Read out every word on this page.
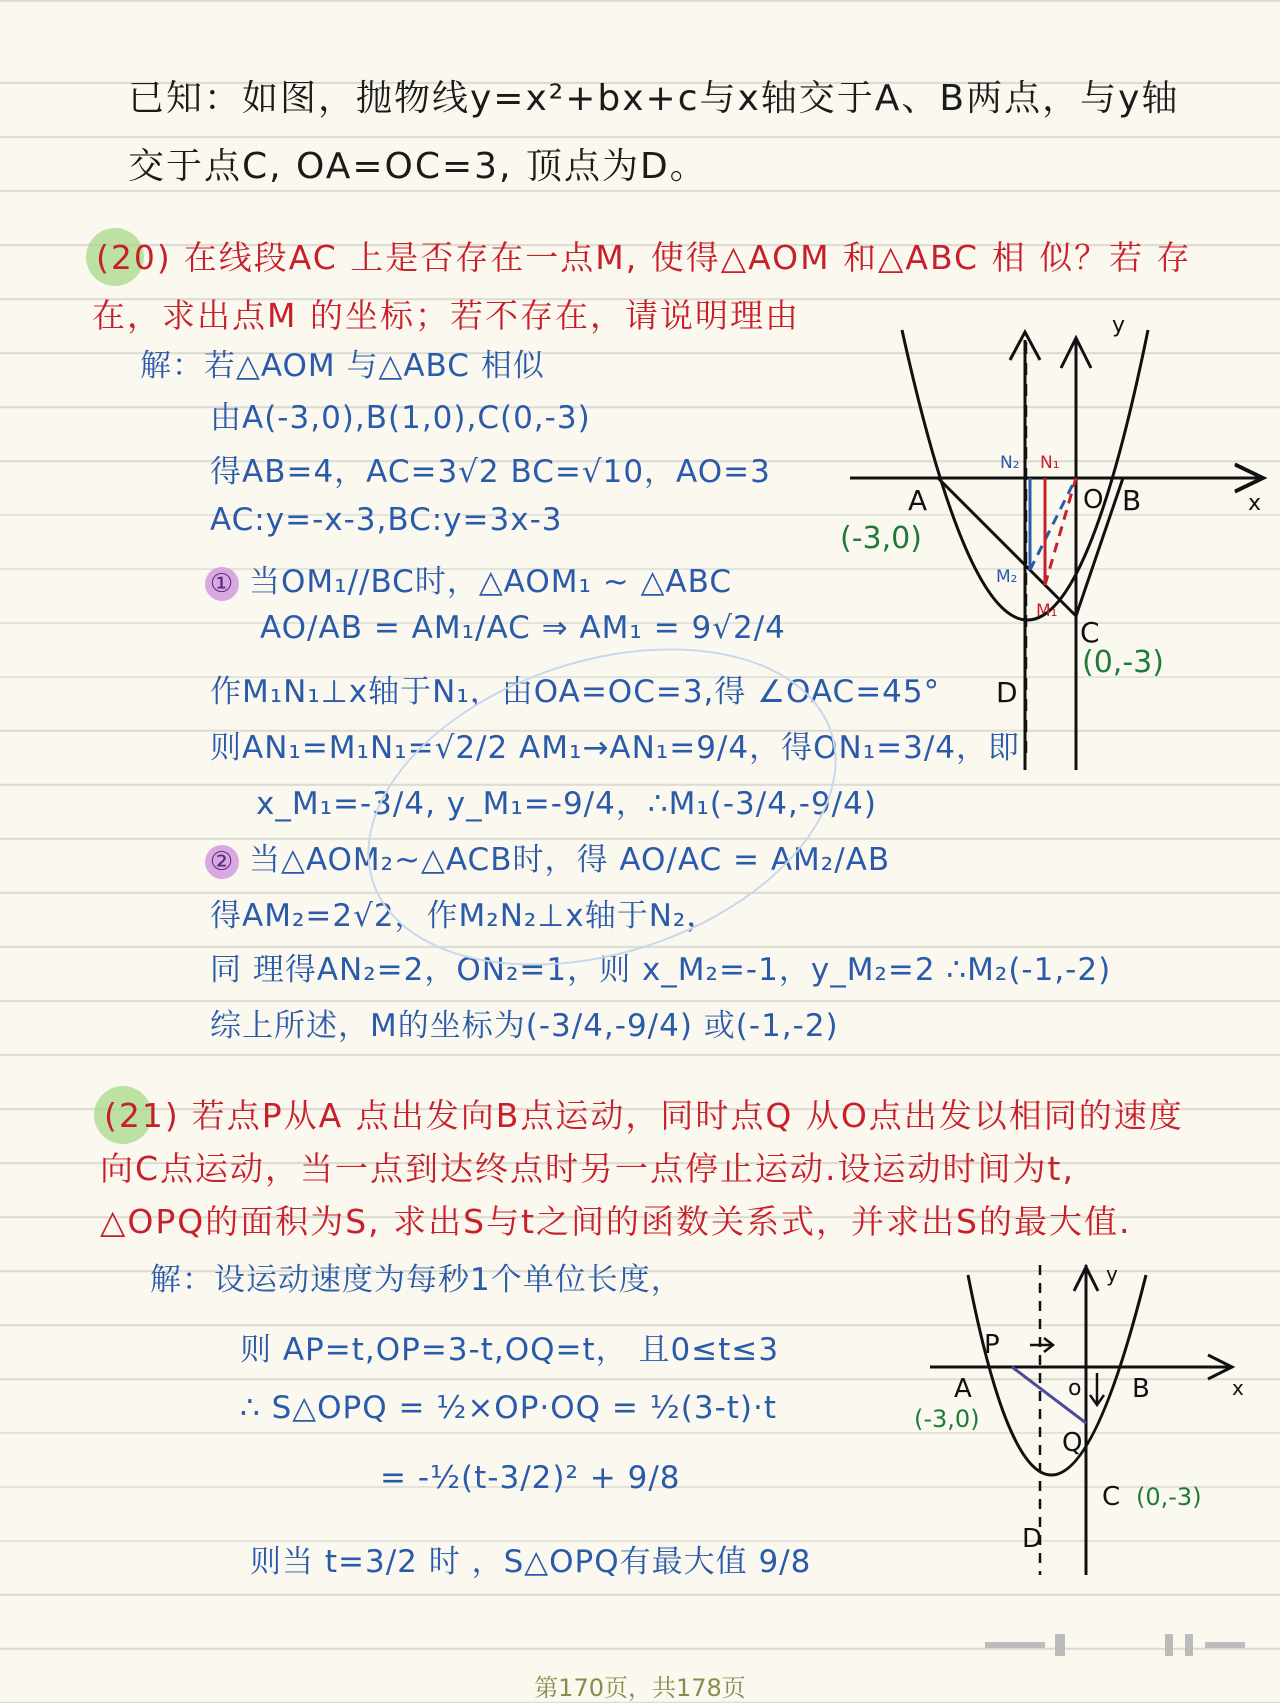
已知：如图，抛物线y=x²+bx+c与x轴交于A、B两点，与y轴
交于点C, OA=OC=3, 顶点为D。
(20) 在线段AC 上是否存在一点M, 使得△AOM 和△ABC 相 似？若 存
在，求出点M 的坐标；若不存在，请说明理由
解：若△AOM 与△ABC 相似
由A(-3,0),B(1,0),C(0,-3)
得AB=4，AC=3√2 BC=√10，AO=3
AC:y=-x-3,BC:y=3x-3
① 当OM₁//BC时，△AOM₁ ~ △ABC
AO/AB = AM₁/AC ⇒ AM₁ = 9√2/4
作M₁N₁⊥x轴于N₁，由OA=OC=3,得 ∠OAC=45°
则AN₁=M₁N₁=√2/2 AM₁→AN₁=9/4，得ON₁=3/4，即
x_M₁=-3/4, y_M₁=-9/4，∴M₁(-3/4,-9/4)
② 当△AOM₂~△ACB时，得 AO/AC = AM₂/AB
得AM₂=2√2，作M₂N₂⊥x轴于N₂，
同 理得AN₂=2，ON₂=1，则 x_M₂=-1，y_M₂=2 ∴M₂(-1,-2)
综上所述，M的坐标为(-3/4,-9/4) 或(-1,-2)
(21) 若点P从A 点出发向B点运动，同时点Q 从O点出发以相同的速度
向C点运动，当一点到达终点时另一点停止运动.设运动时间为t,
△OPQ的面积为S, 求出S与t之间的函数关系式，并求出S的最大值.
解：设运动速度为每秒1个单位长度，
则 AP=t,OP=3-t,OQ=t， 且0≤t≤3
∴ S△OPQ = ½×OP·OQ = ½(3-t)·t
= -½(t-3/2)² + 9/8
则当 t=3/2 时 ，S△OPQ有最大值 9/8
y
x
A	O B
C
D
N₂ N₁
M₂
M₁
(-3,0)
(0,-3)
y
x
P
A	o B
Q
C
D
(-3,0)
(0,-3)
第170页，共178页
